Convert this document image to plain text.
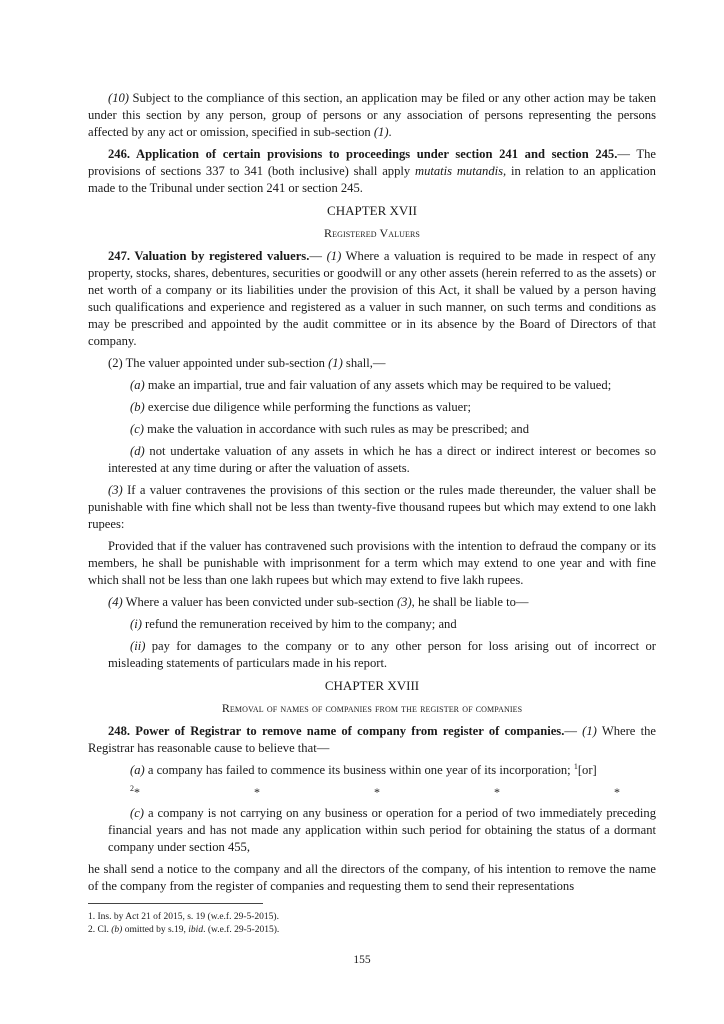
(10) Subject to the compliance of this section, an application may be filed or any other action may be taken under this section by any person, group of persons or any association of persons representing the persons affected by any act or omission, specified in sub-section (1).

246. Application of certain provisions to proceedings under section 241 and section 245.— The provisions of sections 337 to 341 (both inclusive) shall apply mutatis mutandis, in relation to an application made to the Tribunal under section 241 or section 245.

CHAPTER XVII

Registered Valuers

247. Valuation by registered valuers.— (1) Where a valuation is required to be made in respect of any property, stocks, shares, debentures, securities or goodwill or any other assets (herein referred to as the assets) or net worth of a company or its liabilities under the provision of this Act, it shall be valued by a person having such qualifications and experience and registered as a valuer in such manner, on such terms and conditions as may be prescribed and appointed by the audit committee or in its absence by the Board of Directors of that company.

(2) The valuer appointed under sub-section (1) shall,—

(a) make an impartial, true and fair valuation of any assets which may be required to be valued;

(b) exercise due diligence while performing the functions as valuer;

(c) make the valuation in accordance with such rules as may be prescribed; and

(d) not undertake valuation of any assets in which he has a direct or indirect interest or becomes so interested at any time during or after the valuation of assets.

(3) If a valuer contravenes the provisions of this section or the rules made thereunder, the valuer shall be punishable with fine which shall not be less than twenty-five thousand rupees but which may extend to one lakh rupees:

Provided that if the valuer has contravened such provisions with the intention to defraud the company or its members, he shall be punishable with imprisonment for a term which may extend to one year and with fine which shall not be less than one lakh rupees but which may extend to five lakh rupees.

(4) Where a valuer has been convicted under sub-section (3), he shall be liable to—

(i) refund the remuneration received by him to the company; and

(ii) pay for damages to the company or to any other person for loss arising out of incorrect or misleading statements of particulars made in his report.

CHAPTER XVIII

Removal of names of companies from the register of companies

248. Power of Registrar to remove name of company from register of companies.— (1) Where the Registrar has reasonable cause to believe that—

(a) a company has failed to commence its business within one year of its incorporation; $^1$[or]

$^2$*	*	*	*	*

(c) a company is not carrying on any business or operation for a period of two immediately preceding financial years and has not made any application within such period for obtaining the status of a dormant company under section 455,

he shall send a notice to the company and all the directors of the company, of his intention to remove the name of the company from the register of companies and requesting them to send their representations

1. Ins. by Act 21 of 2015, s. 19 (w.e.f. 29-5-2015).

2. Cl. (b) omitted by s.19, ibid. (w.e.f. 29-5-2015).

155
